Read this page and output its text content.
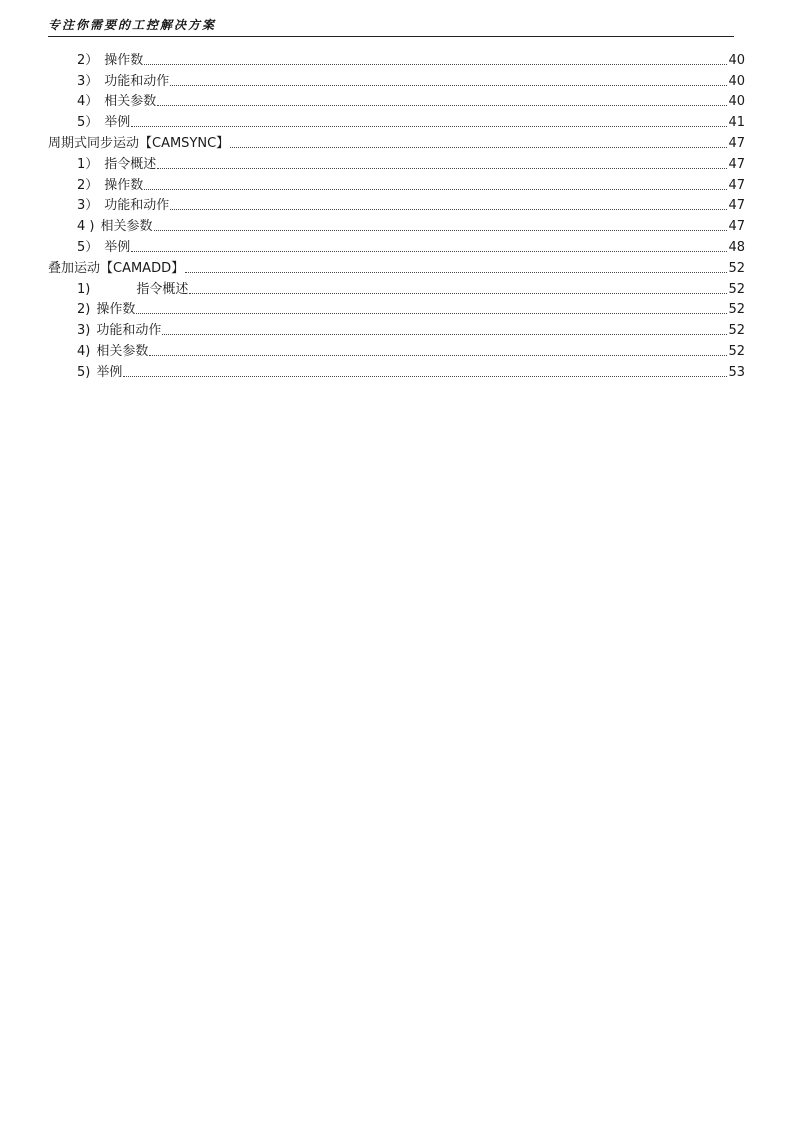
专注你需要的工控解决方案
2） 操作数	40
3） 功能和动作	40
4） 相关参数	40
5） 举例	41
周期式同步运动【CAMSYNC】	47
1） 指令概述	47
2） 操作数	47
3） 功能和动作	47
4 ) 相关参数	47
5） 举例	48
叠加运动【CAMADD】	52
1)	指令概述	52
2) 操作数	52
3) 功能和动作	52
4) 相关参数	52
5) 举例	53
